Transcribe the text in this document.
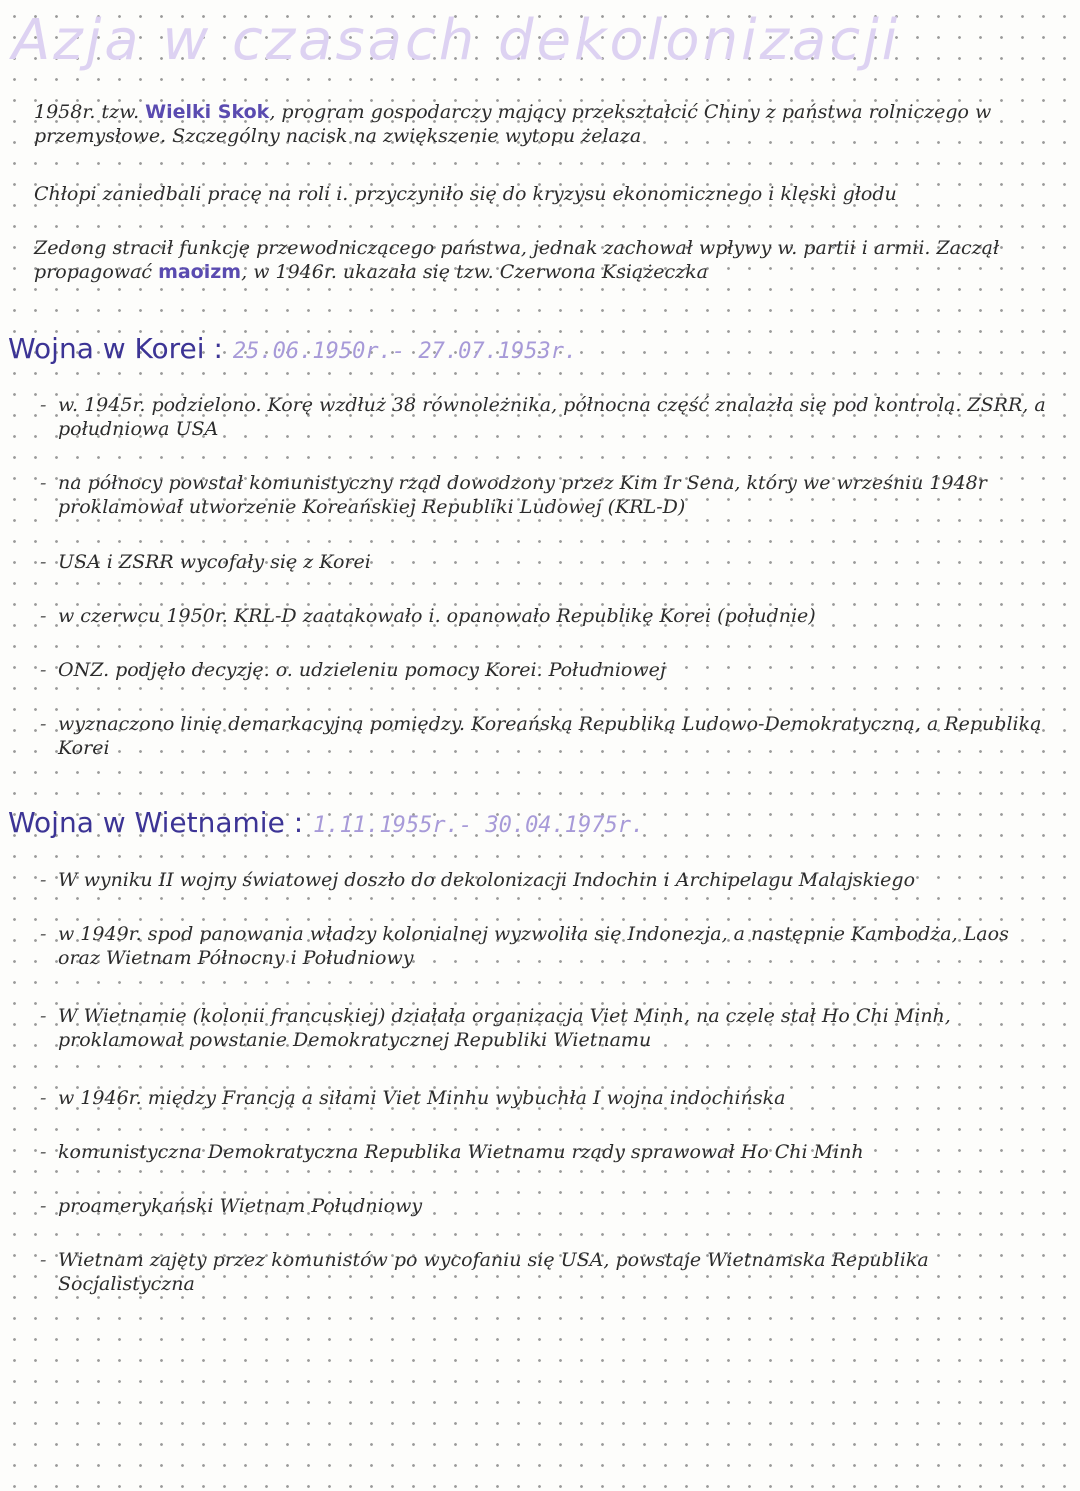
Azja w czasach dekolonizacji

1958r. tzw. Wielki Skok, program gospodarczy mający przekształcić Chiny z państwa rolniczego w przemysłowe. Szczególny nacisk na zwiększenie wytopu żelaza

Chłopi zaniedbali pracę na roli i. przyczyniło się do kryzysu ekonomicznego i klęski głodu

Zedong stracił funkcję przewodniczącego państwa, jednak zachował wpływy w. partii i armii. Zaczął propagować maoizm, w 1946r. ukazała się tzw. Czerwona Książeczka

Wojna w Korei : 25.06.1950r.- 27.07.1953r.
- w. 1945r. podzielono. Korę wzdłuż 38 równoleżnika, północna część znalazła się pod kontrolą. ZSRR, a południowa USA
- na północy powstał komunistyczny rząd dowodzony przez Kim Ir Sena, który we wrześniu 1948r proklamował utworzenie Koreańskiej Republiki Ludowej (KRL-D)
- USA i ZSRR wycofały się z Korei
- w czerwcu 1950r. KRL-D zaatakowało i. opanowało Republikę Korei (południe)
- ONZ. podjęło decyzję. o. udzieleniu pomocy Korei. Południowej
- wyznaczono linię demarkacyjną pomiędzy. Koreańską Republiką Ludowo-Demokratyczną, a Republiką Korei
Wojna w Wietnamie : 1.11.1955r.- 30.04.1975r.
- W wyniku II wojny światowej doszło do dekolonizacji Indochin i Archipelagu Malajskiego
- w 1949r. spod panowania władzy kolonialnej wyzwoliła się Indonezja, a następnie Kambodża, Laos oraz Wietnam Północny i Południowy
- W Wietnamie (kolonii francuskiej) działała organizacja Viet Minh, na czele stał Ho Chi Minh, proklamował powstanie Demokratycznej Republiki Wietnamu
- w 1946r. między Francją a siłami Viet Minhu wybuchła I wojna indochińska
- komunistyczna Demokratyczna Republika Wietnamu rządy sprawował Ho Chi Minh
- proamerykański Wietnam Południowy
- Wietnam zajęty przez komunistów po wycofaniu się USA, powstaje Wietnamska Republika Socjalistyczna
